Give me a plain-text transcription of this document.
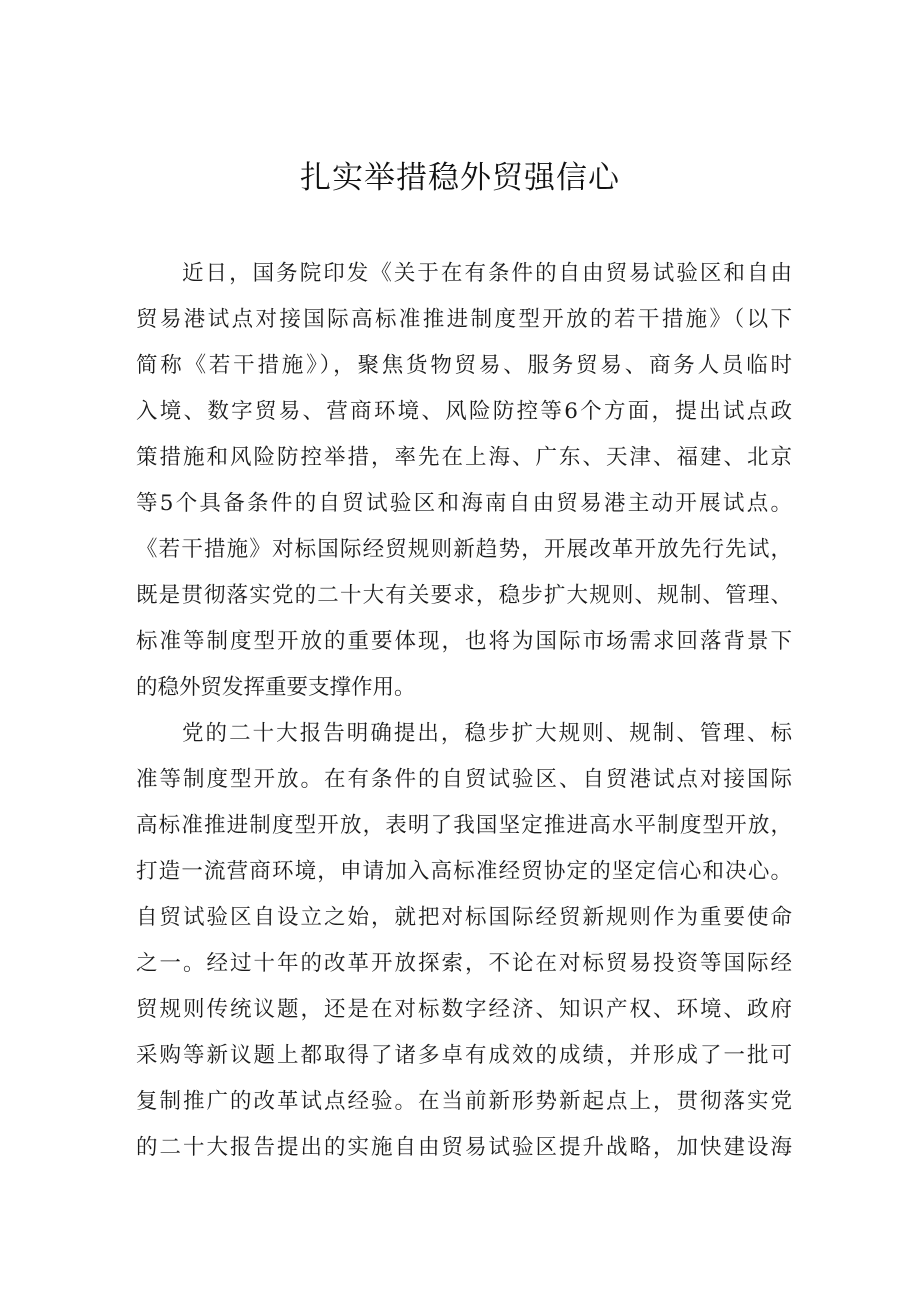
扎实举措稳外贸强信心
近日，国务院印发《关于在有条件的自由贸易试验区和自由
贸易港试点对接国际高标准推进制度型开放的若干措施》（以下
简称《若干措施》），聚焦货物贸易、服务贸易、商务人员临时
入境、数字贸易、营商环境、风险防控等6个方面，提出试点政
策措施和风险防控举措，率先在上海、广东、天津、福建、北京
等5个具备条件的自贸试验区和海南自由贸易港主动开展试点。
《若干措施》对标国际经贸规则新趋势，开展改革开放先行先试，
既是贯彻落实党的二十大有关要求，稳步扩大规则、规制、管理、
标准等制度型开放的重要体现，也将为国际市场需求回落背景下
的稳外贸发挥重要支撑作用。
党的二十大报告明确提出，稳步扩大规则、规制、管理、标
准等制度型开放。在有条件的自贸试验区、自贸港试点对接国际
高标准推进制度型开放，表明了我国坚定推进高水平制度型开放，
打造一流营商环境，申请加入高标准经贸协定的坚定信心和决心。
自贸试验区自设立之始，就把对标国际经贸新规则作为重要使命
之一。经过十年的改革开放探索，不论在对标贸易投资等国际经
贸规则传统议题，还是在对标数字经济、知识产权、环境、政府
采购等新议题上都取得了诸多卓有成效的成绩，并形成了一批可
复制推广的改革试点经验。在当前新形势新起点上，贯彻落实党
的二十大报告提出的实施自由贸易试验区提升战略，加快建设海
